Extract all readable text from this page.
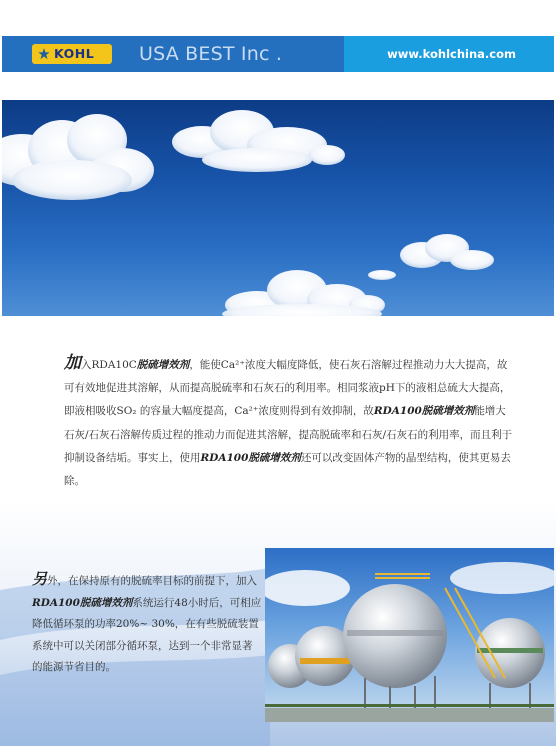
★ KOHL USA BEST Inc .	www.kohlchina.com
加入RDA10C脱硫增效剂，能使Ca²⁺浓度大幅度降低，使石灰石溶解过程推动力大大提高，故可有效地促进其溶解，从而提高脱硫率和石灰石的利用率。相同浆液pH下的液相总硫大大提高，即液相吸收SO₂ 的容量大幅度提高，Ca²⁺浓度则得到有效抑制，故RDA100脱硫增效剂能增大石灰/石灰石溶解传质过程的推动力而促进其溶解，提高脱硫率和石灰/石灰石的利用率，而且利于抑制设备结垢。事实上，使用RDA100脱硫增效剂还可以改变固体产物的晶型结构，使其更易去除。
另外，在保持原有的脱硫率目标的前提下，加入RDA100脱硫增效剂系统运行48小时后，可相应降低循环泵的功率20%~ 30%，在有些脱硫装置系统中可以关闭部分循环泵，达到一个非常显著的能源节省目的。
